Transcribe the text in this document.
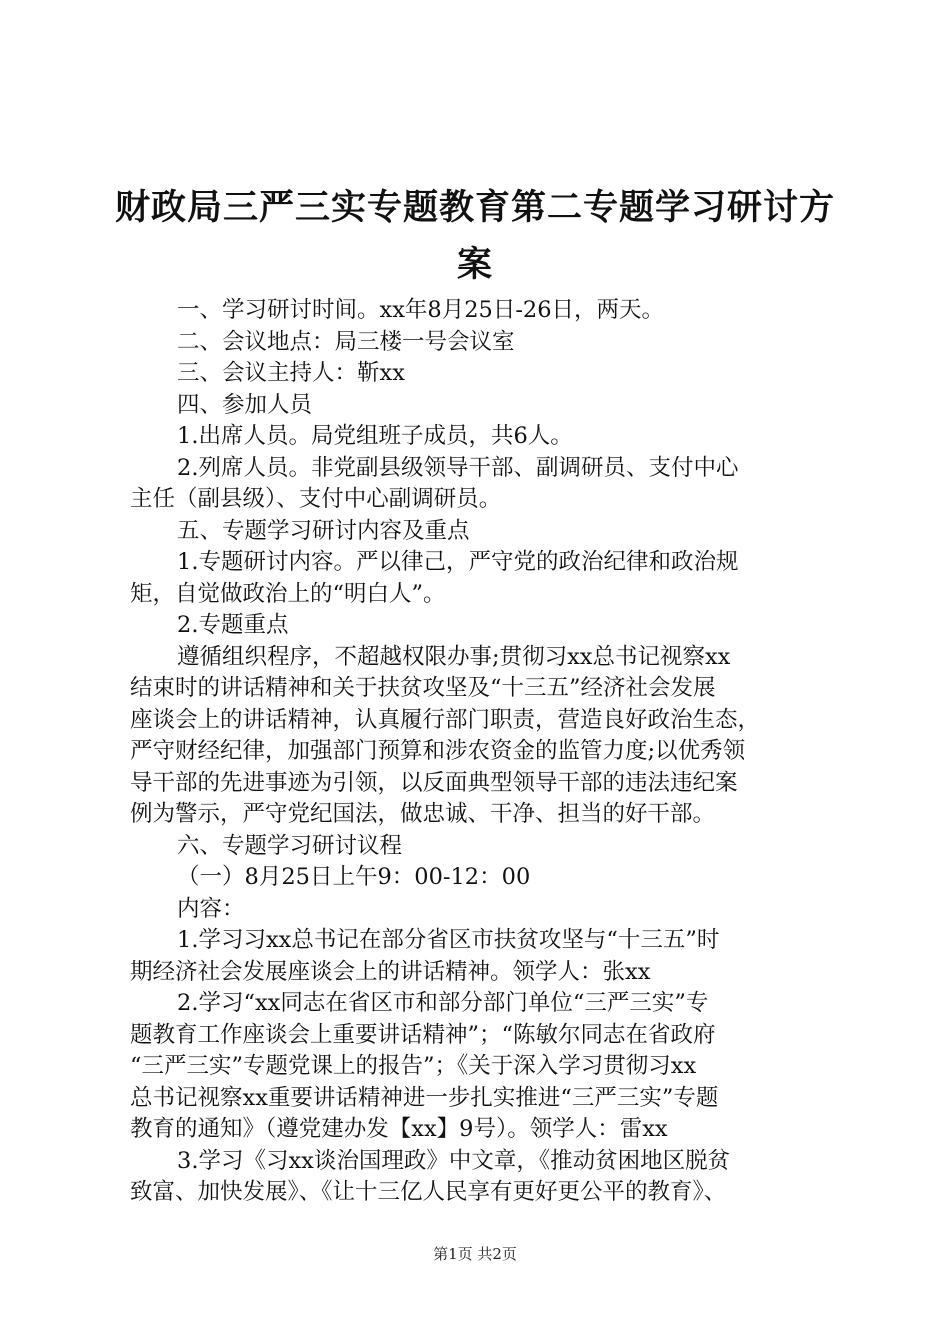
财政局三严三实专题教育第二专题学习研讨方
案
一、学习研讨时间。xx年8月25日-26日，两天。
二、会议地点：局三楼一号会议室
三、会议主持人：靳xx
四、参加人员
1.出席人员。局党组班子成员，共6人。
2.列席人员。非党副县级领导干部、副调研员、支付中心
主任（副县级）、支付中心副调研员。
五、专题学习研讨内容及重点
1.专题研讨内容。严以律己，严守党的政治纪律和政治规
矩，自觉做政治上的“明白人”。
2.专题重点
遵循组织程序，不超越权限办事;贯彻习xx总书记视察xx
结束时的讲话精神和关于扶贫攻坚及“十三五”经济社会发展
座谈会上的讲话精神，认真履行部门职责，营造良好政治生态，
严守财经纪律，加强部门预算和涉农资金的监管力度;以优秀领
导干部的先进事迹为引领，以反面典型领导干部的违法违纪案
例为警示，严守党纪国法，做忠诚、干净、担当的好干部。
六、专题学习研讨议程
（一）8月25日上午9：00-12：00
内容：
1.学习习xx总书记在部分省区市扶贫攻坚与“十三五”时
期经济社会发展座谈会上的讲话精神。领学人：张xx
2.学习“xx同志在省区市和部分部门单位“三严三实”专
题教育工作座谈会上重要讲话精神”；“陈敏尔同志在省政府
“三严三实”专题党课上的报告”；《关于深入学习贯彻习xx
总书记视察xx重要讲话精神进一步扎实推进“三严三实”专题
教育的通知》（遵党建办发【xx】9号）。领学人：雷xx
3.学习《习xx谈治国理政》中文章，《推动贫困地区脱贫
致富、加快发展》、《让十三亿人民享有更好更公平的教育》、
第1页 共2页
